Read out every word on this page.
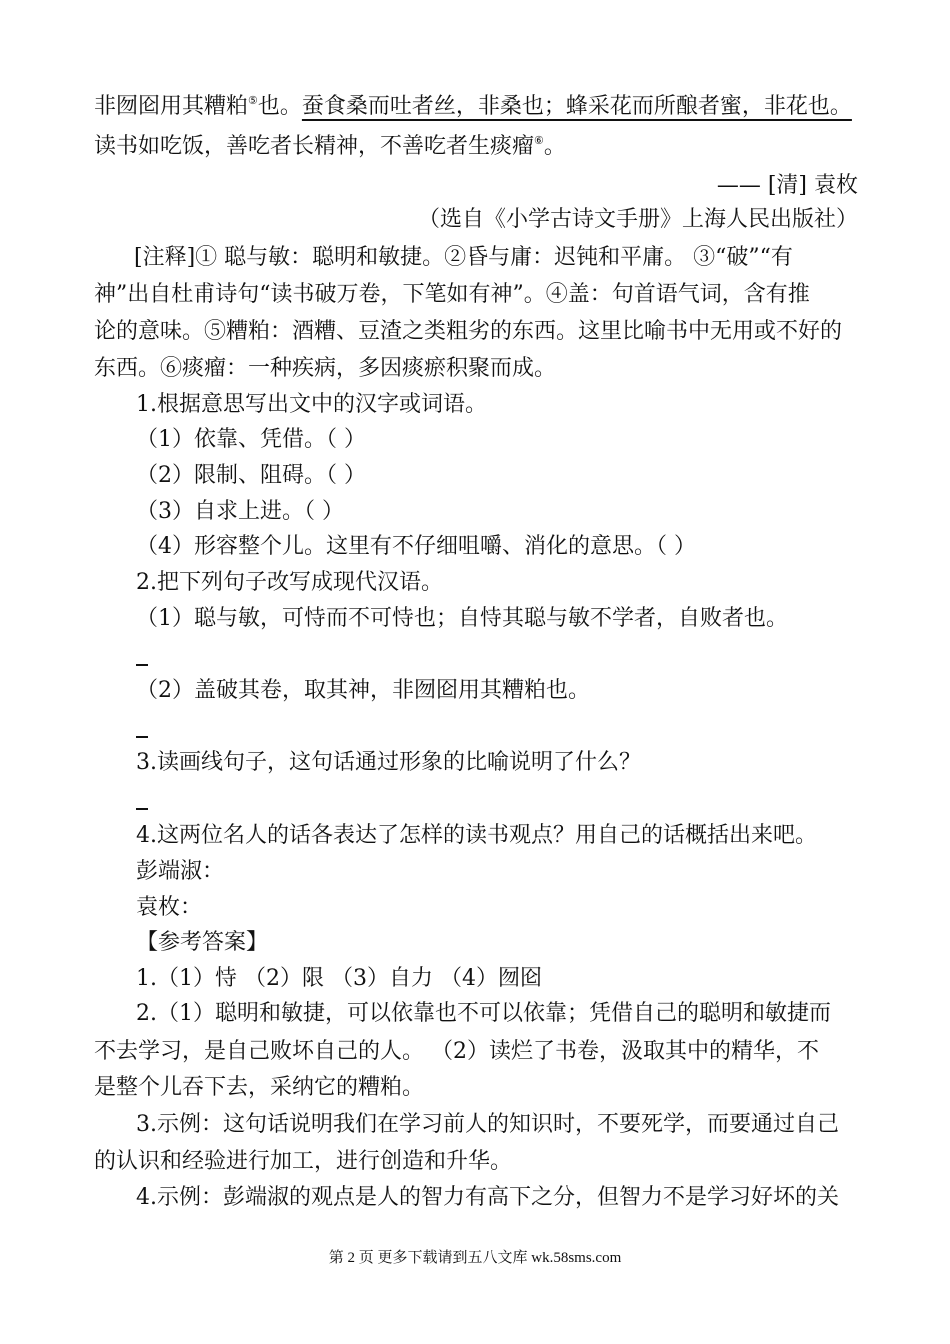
非囫囵用其糟粕⑤也。蚕食桑而吐者丝，非桑也；蜂采花而所酿者蜜，非花也。
读书如吃饭，善吃者长精神，不善吃者生痰瘤⑥。
—— [清] 袁枚
（选自《小学古诗文手册》上海人民出版社）
[注释]① 聪与敏：聪明和敏捷。②昏与庸：迟钝和平庸。 ③“破”“有
神”出自杜甫诗句“读书破万卷，下笔如有神”。④盖：句首语气词，含有推
论的意味。⑤糟粕：酒糟、豆渣之类粗劣的东西。这里比喻书中无用或不好的
东西。⑥痰瘤：一种疾病，多因痰瘀积聚而成。
1.根据意思写出文中的汉字或词语。
（1）依靠、凭借。（ ）
（2）限制、阻碍。（ ）
（3）自求上进。（ ）
（4）形容整个儿。这里有不仔细咀嚼、消化的意思。（ ）
2.把下列句子改写成现代汉语。
（1）聪与敏，可恃而不可恃也；自恃其聪与敏不学者，自败者也。
（2）盖破其卷，取其神，非囫囵用其糟粕也。
3.读画线句子，这句话通过形象的比喻说明了什么？
4.这两位名人的话各表达了怎样的读书观点？用自己的话概括出来吧。
彭端淑：
袁枚：
【参考答案】
1.（1）恃 （2）限 （3）自力 （4）囫囵
2.（1）聪明和敏捷，可以依靠也不可以依靠；凭借自己的聪明和敏捷而
不去学习，是自己败坏自己的人。 （2）读烂了书卷，汲取其中的精华，不
是整个儿吞下去，采纳它的糟粕。
3.示例：这句话说明我们在学习前人的知识时，不要死学，而要通过自己
的认识和经验进行加工，进行创造和升华。
4.示例：彭端淑的观点是人的智力有高下之分，但智力不是学习好坏的关
第 2 页 更多下载请到五八文库 wk.58sms.com
